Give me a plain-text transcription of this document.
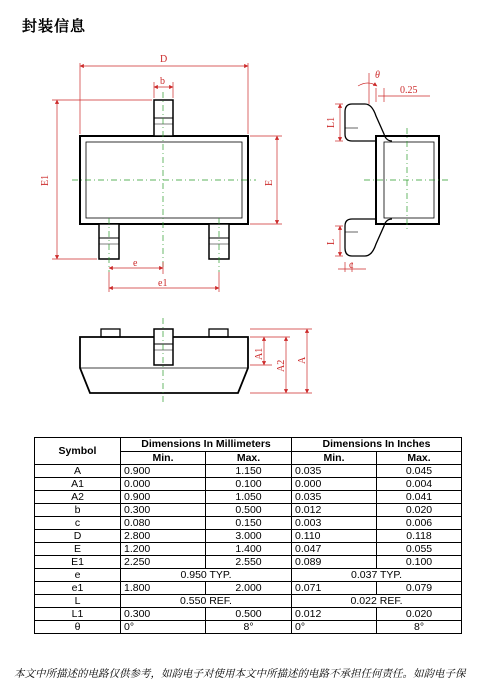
封装信息
D
b
E1	E
e
e1
θ
0.25
L1
L
c
A1
A2 A
Symbol	Dimensions In Millimeters		Dimensions In Inches	
	Min.	Max.	Min.	Max.
A	0.900	1.150	0.035	0.045
A1	0.000	0.100	0.000	0.004
A2	0.900	1.050	0.035	0.041
b	0.300	0.500	0.012	0.020
c	0.080	0.150	0.003	0.006
D	2.800	3.000	0.110	0.118
E	1.200	1.400	0.047	0.055
E1	2.250	2.550	0.089	0.100
e	0.950 TYP.		0.037 TYP.	
e1	1.800	2.000	0.071	0.079
L	0.550 REF.		0.022 REF.	
L1	0.300	0.500	0.012	0.020
θ	0°	8°	0°	8°
本文中所描述的电路仅供参考，如韵电子对使用本文中所描述的电路不承担任何责任。如韵电子保
